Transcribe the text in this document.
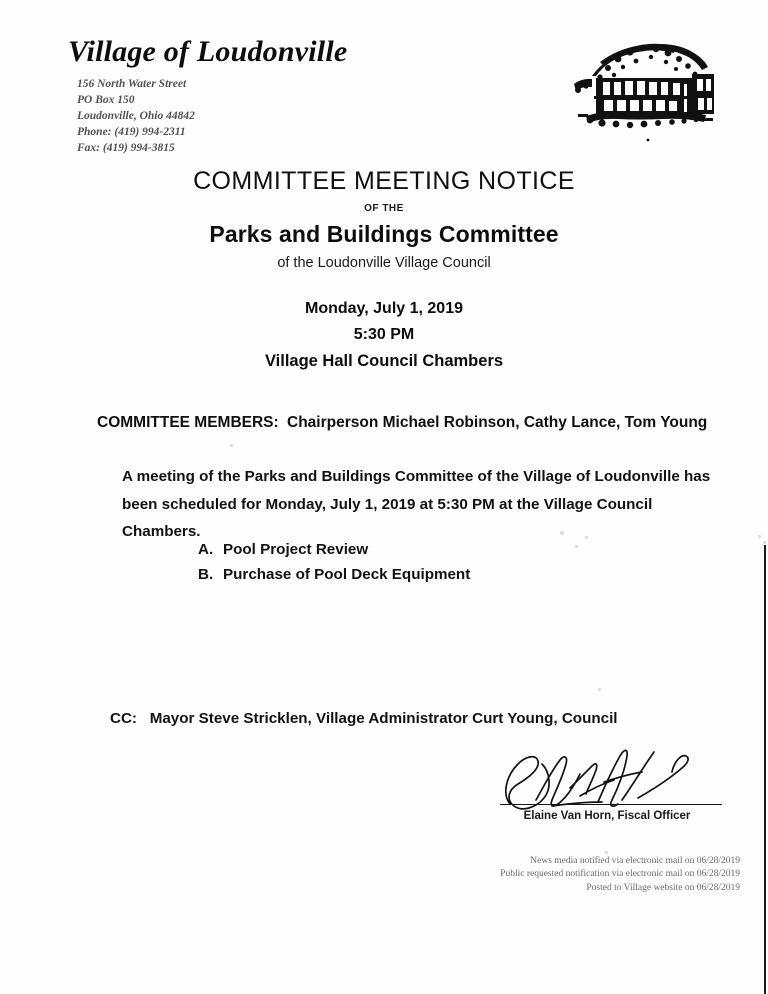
Village of Loudonville
156 North Water Street
PO Box 150
Loudonville, Ohio 44842
Phone: (419) 994-2311
Fax: (419) 994-3815
COMMITTEE MEETING NOTICE
OF THE
Parks and Buildings Committee
of the Loudonville Village Council
Monday, July 1, 2019
5:30 PM
Village Hall Council Chambers
COMMITTEE MEMBERS: Chairperson Michael Robinson, Cathy Lance, Tom Young
A meeting of the Parks and Buildings Committee of the Village of Loudonville has been scheduled for Monday, July 1, 2019 at 5:30 PM at the Village Council Chambers.
A. Pool Project Review
B. Purchase of Pool Deck Equipment
CC: Mayor Steve Stricklen, Village Administrator Curt Young, Council
Elaine Van Horn, Fiscal Officer
News media notified via electronic mail on 06/28/2019
Public requested notification via electronic mail on 06/28/2019
Posted to Village website on 06/28/2019
